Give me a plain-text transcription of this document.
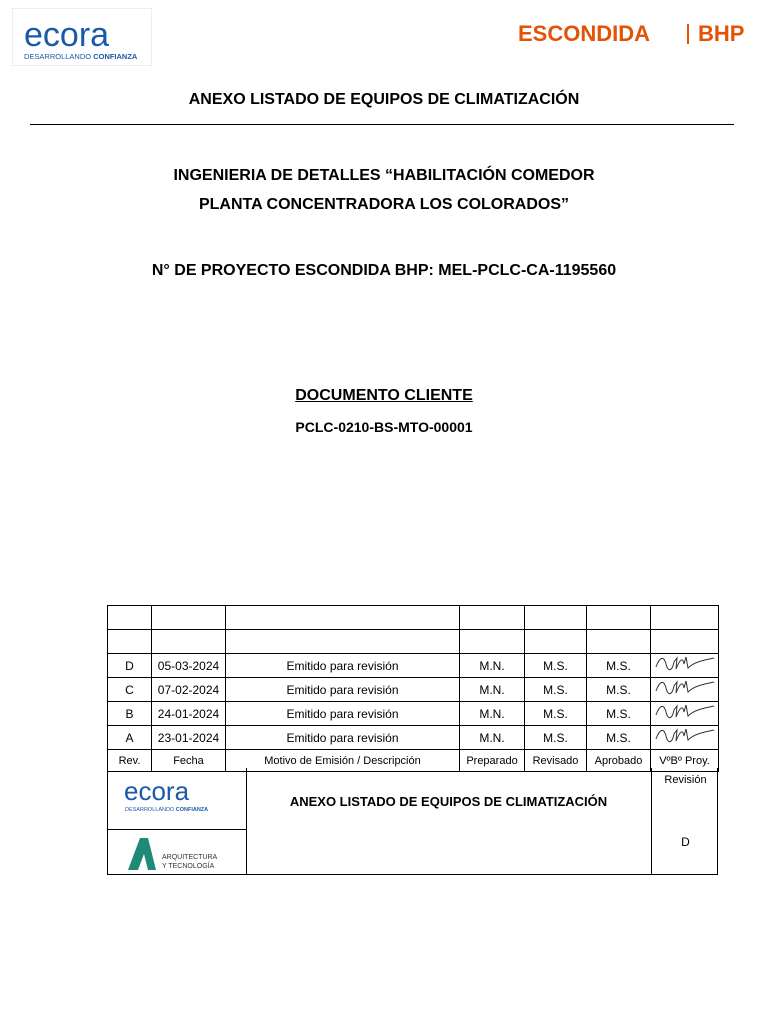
ecora
DESARROLLANDO CONFIANZA
ESCONDIDA BHP
ANEXO LISTADO DE EQUIPOS DE CLIMATIZACIÓN
INGENIERIA DE DETALLES “HABILITACIÓN COMEDOR
PLANTA CONCENTRADORA LOS COLORADOS”
N° DE PROYECTO ESCONDIDA BHP: MEL-PCLC-CA-1195560
DOCUMENTO CLIENTE
PCLC-0210-BS-MTO-00001

D	05-03-2024	Emitido para revisión	M.N.	M.S.	M.S.	
C	07-02-2024	Emitido para revisión	M.N.	M.S.	M.S.	
B	24-01-2024	Emitido para revisión	M.N.	M.S.	M.S.	
A	23-01-2024	Emitido para revisión	M.N.	M.S.	M.S.	
Rev.	Fecha	Motivo de Emisión / Descripción	Preparado	Revisado	Aprobado	VºBº Proy.
ecora
DESARROLLANDO CONFIANZA
ARQUITECTURA
Y TECNOLOGÍA
ANEXO LISTADO DE EQUIPOS DE CLIMATIZACIÓN
Revisión
D
